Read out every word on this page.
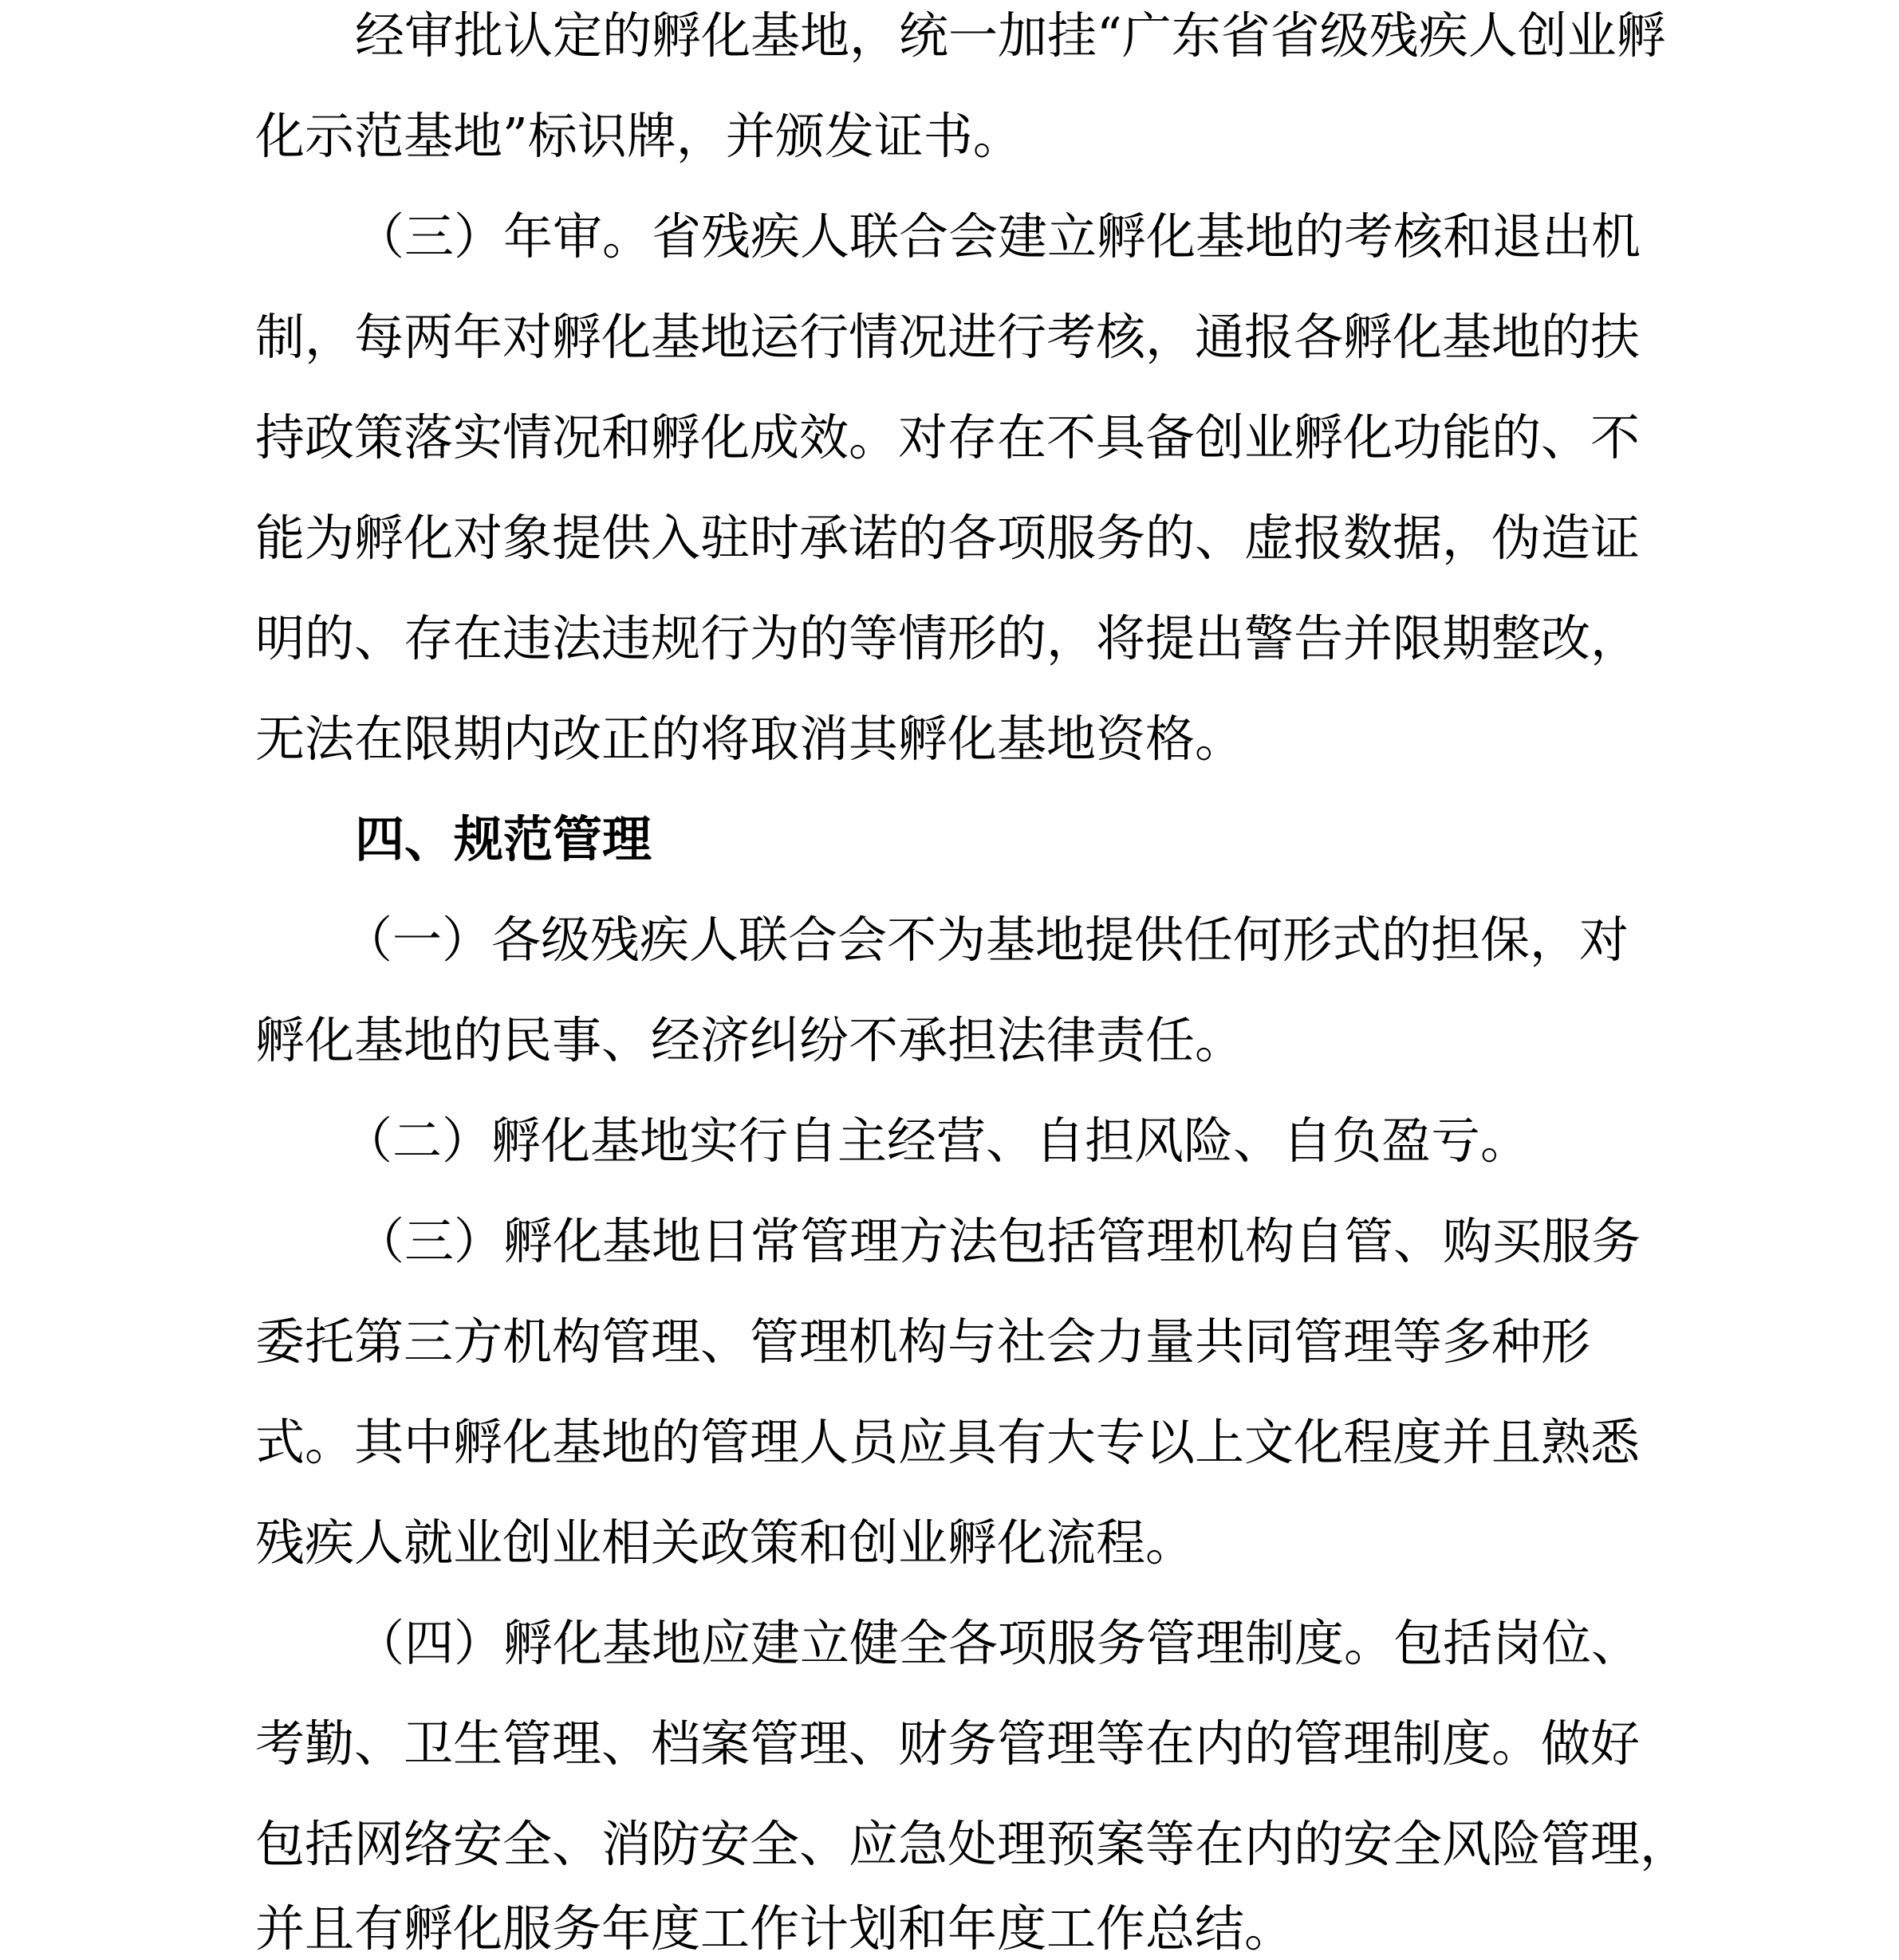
经审批认定的孵化基地，统一加挂“广东省省级残疾人创业孵
化示范基地”标识牌，并颁发证书。
（三）年审。省残疾人联合会建立孵化基地的考核和退出机
制，每两年对孵化基地运行情况进行考核，通报各孵化基地的扶
持政策落实情况和孵化成效。对存在不具备创业孵化功能的、不
能为孵化对象提供入驻时承诺的各项服务的、虚报数据，伪造证
明的、存在违法违规行为的等情形的，将提出警告并限期整改，
无法在限期内改正的将取消其孵化基地资格。
四、规范管理
（一）各级残疾人联合会不为基地提供任何形式的担保，对
孵化基地的民事、经济纠纷不承担法律责任。
（二）孵化基地实行自主经营、自担风险、自负盈亏。
（三）孵化基地日常管理方法包括管理机构自管、购买服务
委托第三方机构管理、管理机构与社会力量共同管理等多种形
式。其中孵化基地的管理人员应具有大专以上文化程度并且熟悉
残疾人就业创业相关政策和创业孵化流程。
（四）孵化基地应建立健全各项服务管理制度。包括岗位、
考勤、卫生管理、档案管理、财务管理等在内的管理制度。做好
包括网络安全、消防安全、应急处理预案等在内的安全风险管理，
并且有孵化服务年度工作计划和年度工作总结。
